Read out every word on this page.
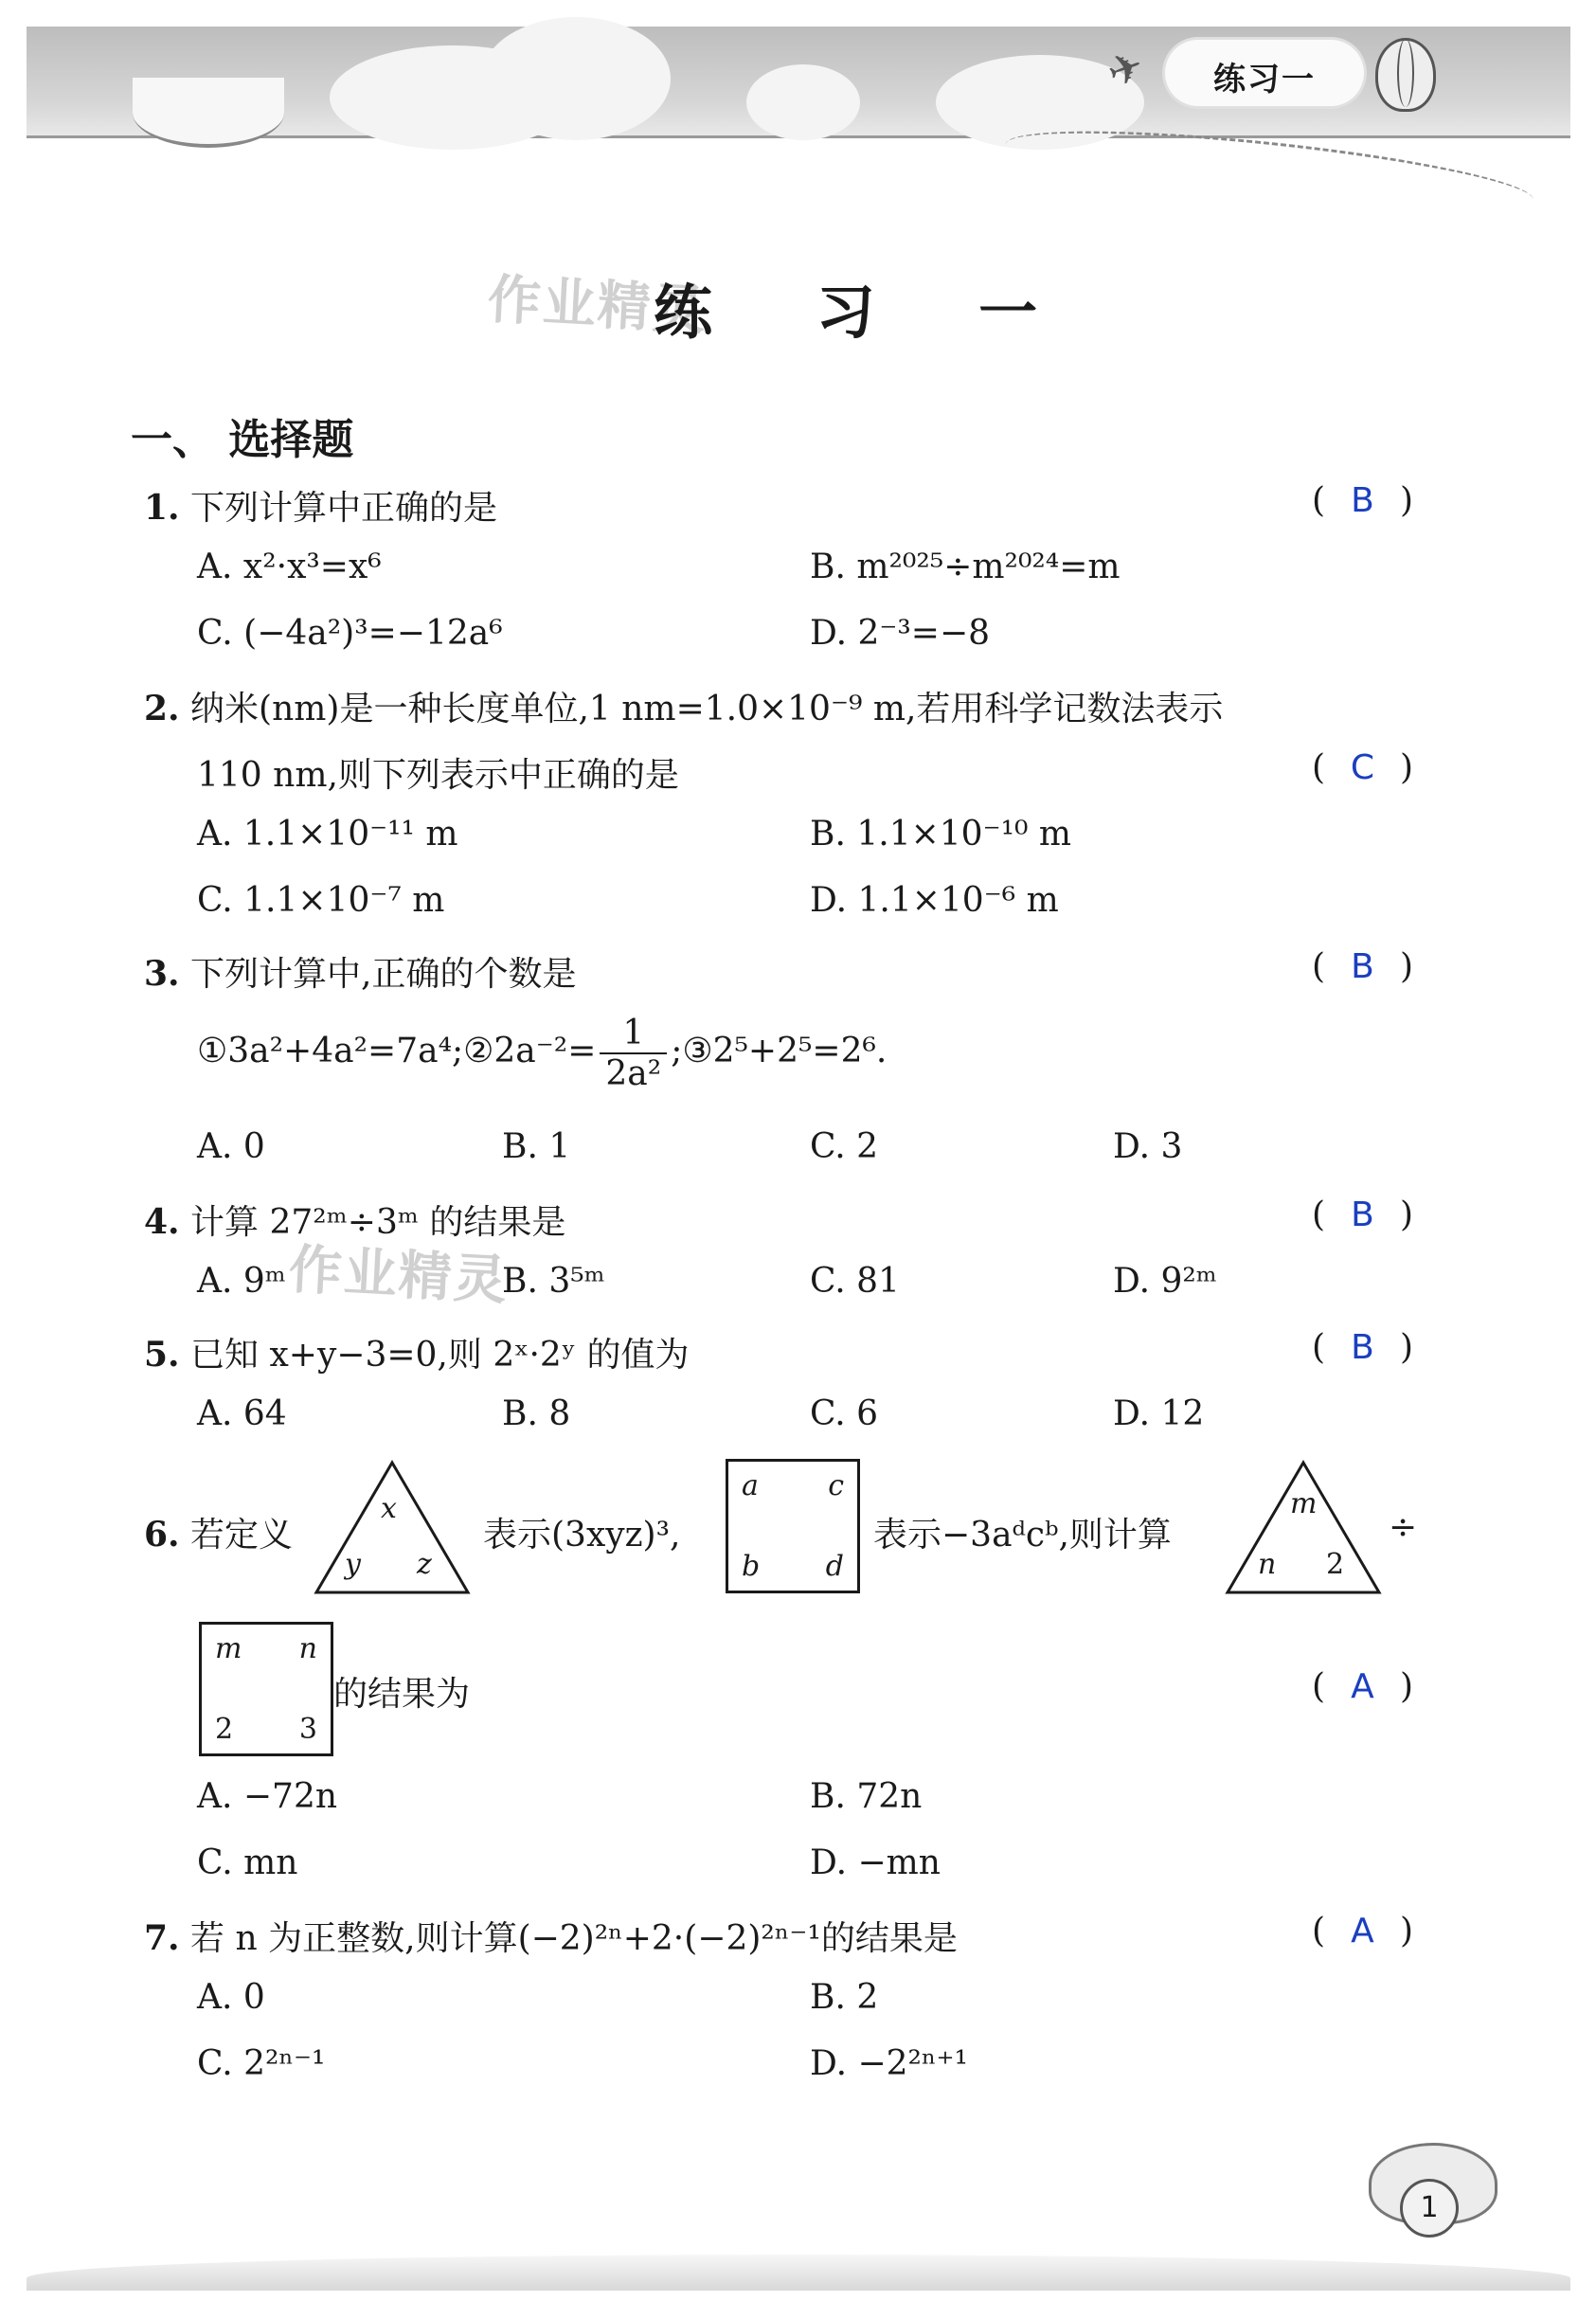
✈	练习一
作业精灵
作业精灵
练 习 一
一、 选择题
1. 下列计算中正确的是	( B )
A. x²·x³=x⁶	B. m²⁰²⁵÷m²⁰²⁴=m
C. (−4a²)³=−12a⁶	D. 2⁻³=−8
2. 纳米(nm)是一种长度单位,1 nm=1.0×10⁻⁹ m,若用科学记数法表示
110 nm,则下列表示中正确的是	( C )
A. 1.1×10⁻¹¹ m	B. 1.1×10⁻¹⁰ m
C. 1.1×10⁻⁷ m	D. 1.1×10⁻⁶ m
3. 下列计算中,正确的个数是	( B )
①3a²+4a²=7a⁴;②2a⁻²= $\frac{1}{\text{2a²}}$ ;③2⁵+2⁵=2⁶.
A. 0	B. 1	C. 2	D. 3
4. 计算 27²ᵐ÷3ᵐ 的结果是	( B )
A. 9ᵐ	B. 3⁵ᵐ	C. 81	D. 9²ᵐ
5. 已知 x+y−3=0,则 2ˣ·2ʸ 的值为	( B )
A. 64	B. 8	C. 6	D. 12
6. 若定义
x
y z
表示(3xyz)³,
a c
b d
表示−3aᵈcᵇ,则计算
m
n 2
÷
m n
2 3
的结果为	( A )
A. −72n	B. 72n
C. mn	D. −mn
7. 若 n 为正整数,则计算(−2)²ⁿ+2·(−2)²ⁿ⁻¹的结果是	( A )
A. 0	B. 2
C. 2²ⁿ⁻¹	D. −2²ⁿ⁺¹
1
